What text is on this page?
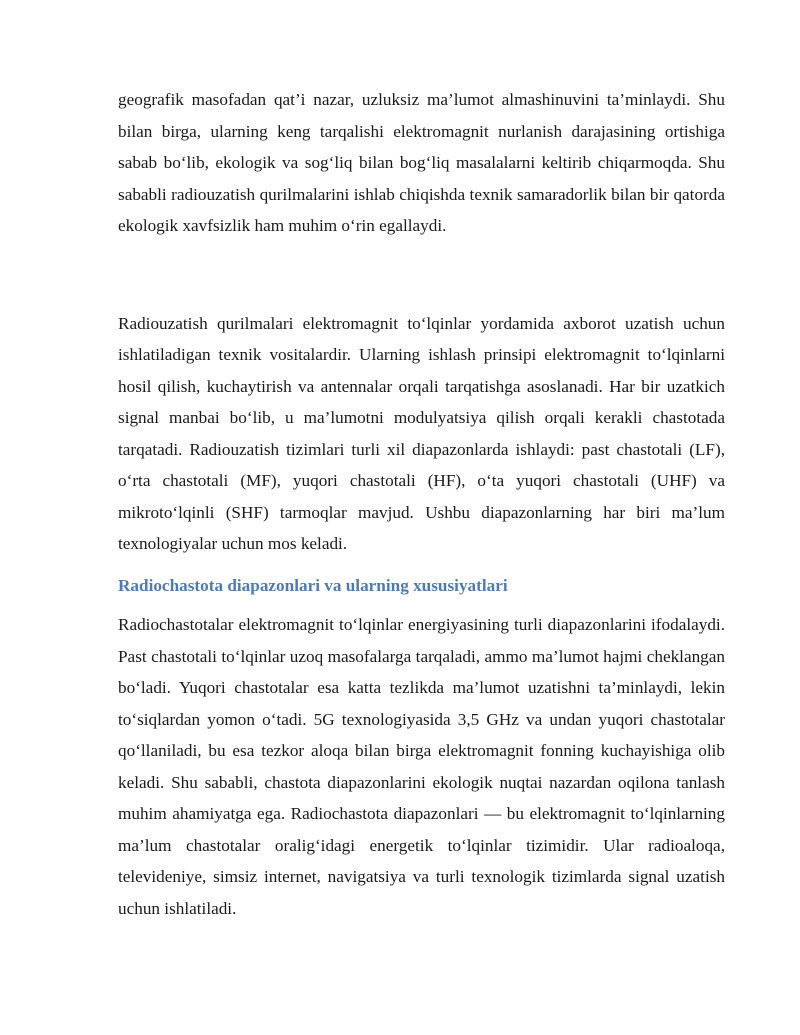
geografik masofadan qat’i nazar, uzluksiz ma’lumot almashinuvini ta’minlaydi. Shu bilan birga, ularning keng tarqalishi elektromagnit nurlanish darajasining ortishiga sabab bo‘lib, ekologik va sog‘liq bilan bog‘liq masalalarni keltirib chiqarmoqda. Shu sababli radiouzatish qurilmalarini ishlab chiqishda texnik samaradorlik bilan bir qatorda ekologik xavfsizlik ham muhim o‘rin egallaydi.

Radiouzatish qurilmalari elektromagnit to‘lqinlar yordamida axborot uzatish uchun ishlatiladigan texnik vositalardir. Ularning ishlash prinsipi elektromagnit to‘lqinlarni hosil qilish, kuchaytirish va antennalar orqali tarqatishga asoslanadi. Har bir uzatkich signal manbai bo‘lib, u ma’lumotni modulyatsiya qilish orqali kerakli chastotada tarqatadi. Radiouzatish tizimlari turli xil diapazonlarda ishlaydi: past chastotali (LF), o‘rta chastotali (MF), yuqori chastotali (HF), o‘ta yuqori chastotali (UHF) va mikroto‘lqinli (SHF) tarmoqlar mavjud. Ushbu diapazonlarning har biri ma’lum texnologiyalar uchun mos keladi.

Radiochastota diapazonlari va ularning xususiyatlari

Radiochastotalar elektromagnit to‘lqinlar energiyasining turli diapazonlarini ifodalaydi. Past chastotali to‘lqinlar uzoq masofalarga tarqaladi, ammo ma’lumot hajmi cheklangan bo‘ladi. Yuqori chastotalar esa katta tezlikda ma’lumot uzatishni ta’minlaydi, lekin to‘siqlardan yomon o‘tadi. 5G texnologiyasida 3,5 GHz va undan yuqori chastotalar qo‘llaniladi, bu esa tezkor aloqa bilan birga elektromagnit fonning kuchayishiga olib keladi. Shu sababli, chastota diapazonlarini ekologik nuqtai nazardan oqilona tanlash muhim ahamiyatga ega. Radiochastota diapazonlari — bu elektromagnit to‘lqinlarning ma’lum chastotalar oralig‘idagi energetik to‘lqinlar tizimidir. Ular radioaloqa, televideniye, simsiz internet, navigatsiya va turli texnologik tizimlarda signal uzatish uchun ishlatiladi.
